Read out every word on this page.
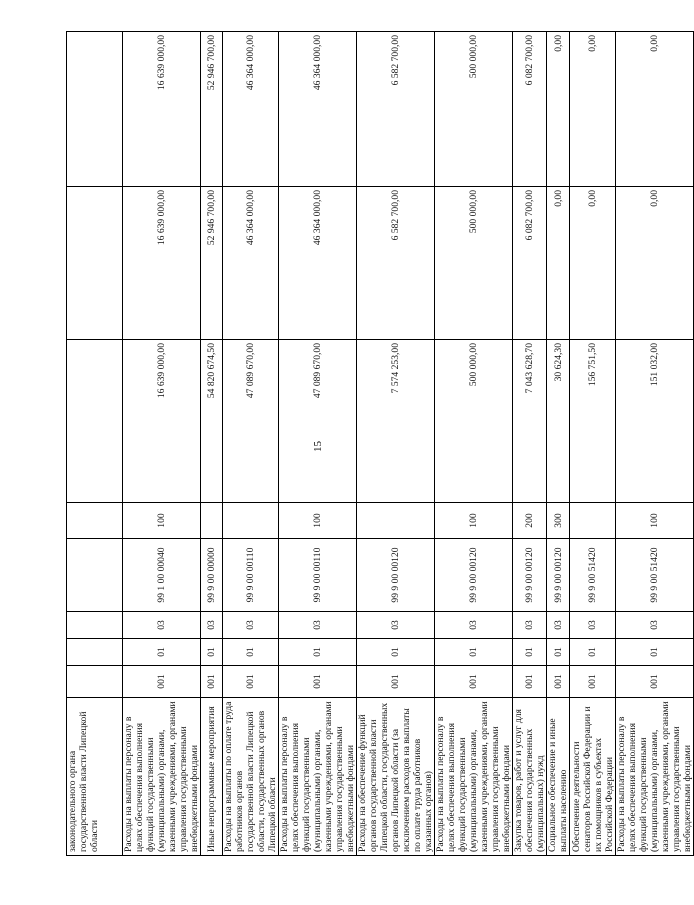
15
законодательного органа государственной власти Липецкой области								
Расходы на выплаты персоналу в целях обеспечения выполнения функций государственными (муниципальными) органами, казенными учреждениями, органами управления государственными внебюджетными фондами	001	01	03	99 1 00 00040	100	16 639 000,00	16 639 000,00	16 639 000,00
Иные непрограммные мероприятия	001	01	03	99 9 00 00000		54 820 674,50	52 946 700,00	52 946 700,00
Расходы на выплаты по оплате труда работников органов государственной власти Липецкой области, государственных органов Липецкой области	001	01	03	99 9 00 00110		47 089 670,00	46 364 000,00	46 364 000,00
Расходы на выплаты персоналу в целях обеспечения выполнения функций государственными (муниципальными) органами, казенными учреждениями, органами управления государственными внебюджетными фондами	001	01	03	99 9 00 00110	100	47 089 670,00	46 364 000,00	46 364 000,00
Расходы на обеспечение функций органов государственной власти Липецкой области, государственных органов Липецкой области (за исключением расходов на выплаты по оплате труда работников указанных органов)	001	01	03	99 9 00 00120		7 574 253,00	6 582 700,00	6 582 700,00
Расходы на выплаты персоналу в целях обеспечения выполнения функций государственными (муниципальными) органами, казенными учреждениями, органами управления государственными внебюджетными фондами	001	01	03	99 9 00 00120	100	500 000,00	500 000,00	500 000,00
Закупка товаров, работ и услуг для обеспечения государственных (муниципальных) нужд	001	01	03	99 9 00 00120	200	7 043 628,70	6 082 700,00	6 082 700,00
Социальное обеспечение и иные выплаты населению	001	01	03	99 9 00 00120	300	30 624,30	0,00	0,00
Обеспечение деятельности сенаторов Российской Федерации и их помощников в субъектах Российской Федерации	001	01	03	99 9 00 51420		156 751,50	0,00	0,00
Расходы на выплаты персоналу в целях обеспечения выполнения функций государственными (муниципальными) органами, казенными учреждениями, органами управления государственными внебюджетными фондами	001	01	03	99 9 00 51420	100	151 032,00	0,00	0,00
